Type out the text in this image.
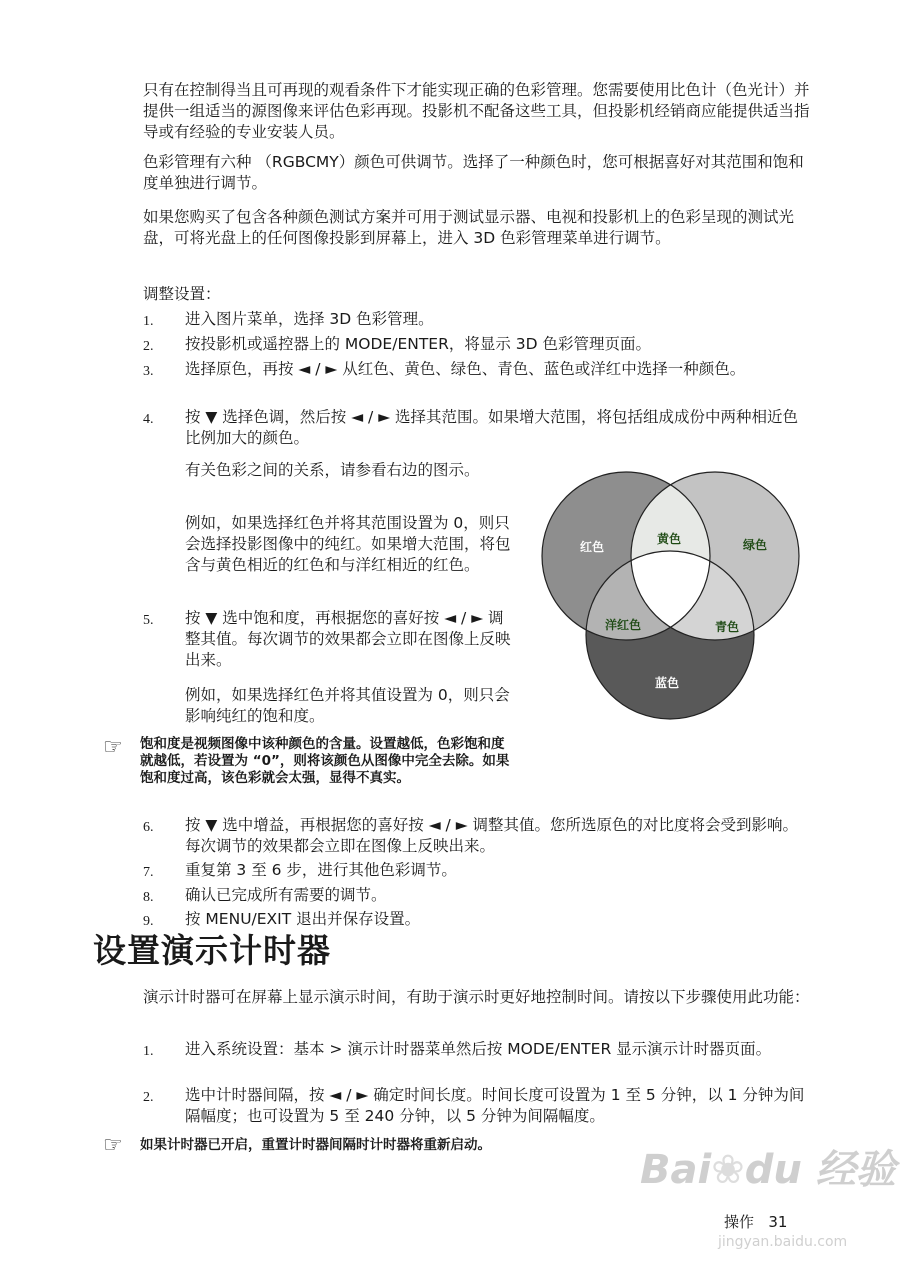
只有在控制得当且可再现的观看条件下才能实现正确的色彩管理。您需要使用比色计（色光计）并提供一组适当的源图像来评估色彩再现。投影机不配备这些工具，但投影机经销商应能提供适当指导或有经验的专业安装人员。

色彩管理有六种 （RGBCMY）颜色可供调节。选择了一种颜色时，您可根据喜好对其范围和饱和度单独进行调节。

如果您购买了包含各种颜色测试方案并可用于测试显示器、电视和投影机上的色彩呈现的测试光盘，可将光盘上的任何图像投影到屏幕上，进入 3D 色彩管理菜单进行调节。

调整设置：

1. 进入图片菜单，选择 3D 色彩管理。

2. 按投影机或遥控器上的 MODE/ENTER，将显示 3D 色彩管理页面。

3. 选择原色，再按 ◄ / ► 从红色、黄色、绿色、青色、蓝色或洋红中选择一种颜色。

4. 按 ▼ 选择色调，然后按 ◄ / ► 选择其范围。如果增大范围，将包括组成成份中两种相近色比例加大的颜色。

有关色彩之间的关系，请参看右边的图示。

例如，如果选择红色并将其范围设置为 0，则只会选择投影图像中的纯红。如果增大范围，将包含与黄色相近的红色和与洋红相近的红色。

5. 按 ▼ 选中饱和度，再根据您的喜好按 ◄ / ► 调整其值。每次调节的效果都会立即在图像上反映出来。

例如，如果选择红色并将其值设置为 0，则只会影响纯红的饱和度。

红色
黄色	绿色
洋红色	青色
蓝色
☞ 饱和度是视频图像中该种颜色的含量。设置越低，色彩饱和度就越低，若设置为 “0”，则将该颜色从图像中完全去除。如果饱和度过高，该色彩就会太强，显得不真实。

6. 按 ▼ 选中增益，再根据您的喜好按 ◄ / ► 调整其值。您所选原色的对比度将会受到影响。每次调节的效果都会立即在图像上反映出来。

7. 重复第 3 至 6 步，进行其他色彩调节。

8. 确认已完成所有需要的调节。

9. 按 MENU/EXIT 退出并保存设置。

设置演示计时器

演示计时器可在屏幕上显示演示时间，有助于演示时更好地控制时间。请按以下步骤使用此功能：

1. 进入系统设置：基本 > 演示计时器菜单然后按 MODE/ENTER 显示演示计时器页面。

2. 选中计时器间隔，按 ◄ / ► 确定时间长度。时间长度可设置为 1 至 5 分钟，以 1 分钟为间隔幅度；也可设置为 5 至 240 分钟，以 5 分钟为间隔幅度。

☞ 如果计时器已开启，重置计时器间隔时计时器将重新启动。

Bai❀du 经验
jingyan.baidu.com
操作 31
